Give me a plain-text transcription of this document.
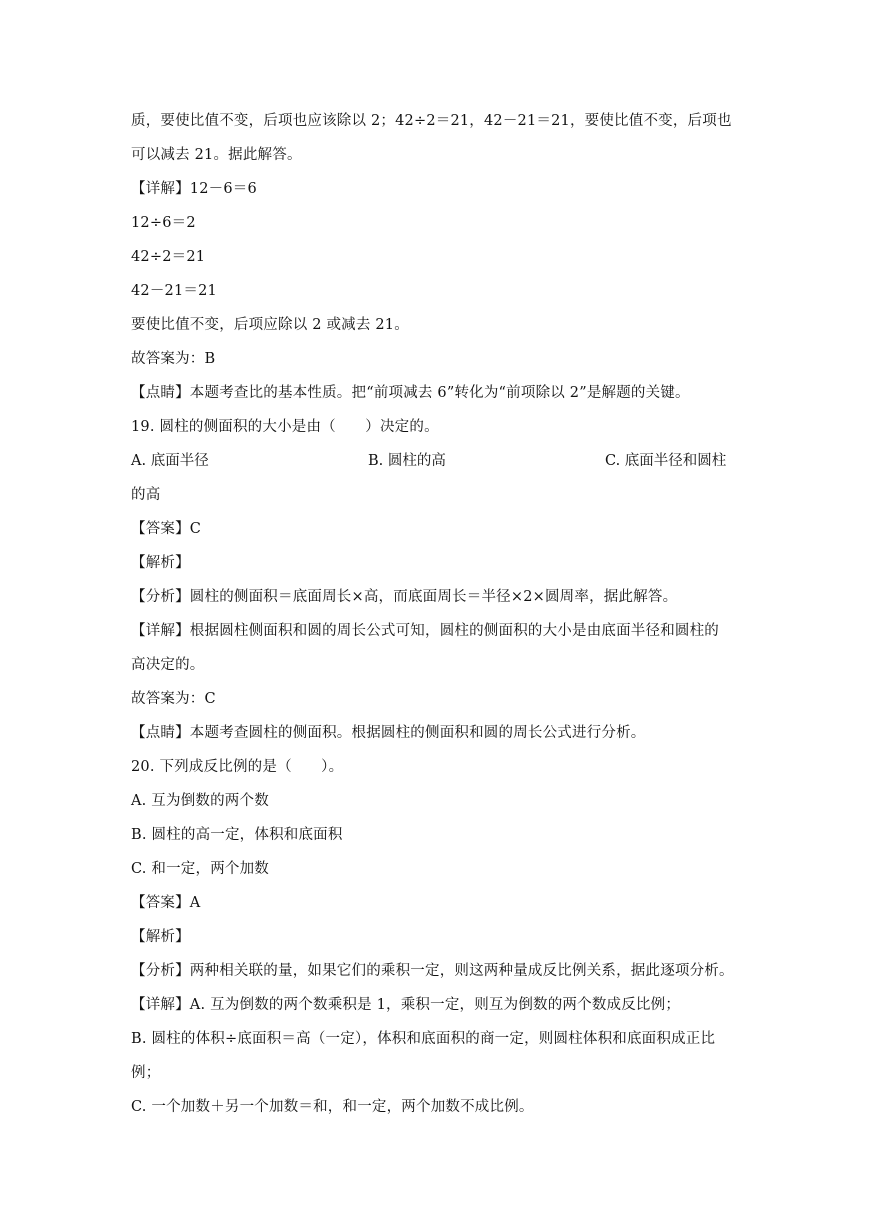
质，要使比值不变，后项也应该除以 2；42÷2＝21，42－21＝21，要使比值不变，后项也
可以减去 21。据此解答。
【详解】12－6＝6
12÷6＝2
42÷2＝21
42－21＝21
要使比值不变，后项应除以 2 或减去 21。
故答案为：B
【点睛】本题考查比的基本性质。把“前项减去 6”转化为“前项除以 2”是解题的关键。
19. 圆柱的侧面积的大小是由（　　）决定的。
A. 底面半径	B. 圆柱的高	C. 底面半径和圆柱
的高
【答案】C
【解析】
【分析】圆柱的侧面积＝底面周长×高，而底面周长＝半径×2×圆周率，据此解答。
【详解】根据圆柱侧面积和圆的周长公式可知，圆柱的侧面积的大小是由底面半径和圆柱的
高决定的。
故答案为：C
【点睛】本题考查圆柱的侧面积。根据圆柱的侧面积和圆的周长公式进行分析。
20. 下列成反比例的是（　　）。
A. 互为倒数的两个数
B. 圆柱的高一定，体积和底面积
C. 和一定，两个加数
【答案】A
【解析】
【分析】两种相关联的量，如果它们的乘积一定，则这两种量成反比例关系，据此逐项分析。
【详解】A. 互为倒数的两个数乘积是 1，乘积一定，则互为倒数的两个数成反比例；
B. 圆柱的体积÷底面积＝高（一定），体积和底面积的商一定，则圆柱体积和底面积成正比
例；
C. 一个加数＋另一个加数＝和，和一定，两个加数不成比例。
